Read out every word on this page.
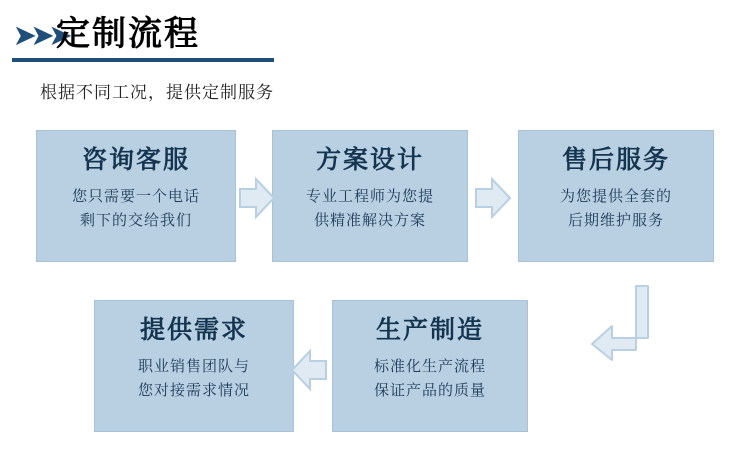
➤➤➤
定制流程
根据不同工况，提供定制服务
咨询客服
您只需要一个电话
剩下的交给我们
方案设计
专业工程师为您提
供精准解决方案
售后服务
为您提供全套的
后期维护服务
生产制造
标准化生产流程
保证产品的质量
提供需求
职业销售团队与
您对接需求情况
